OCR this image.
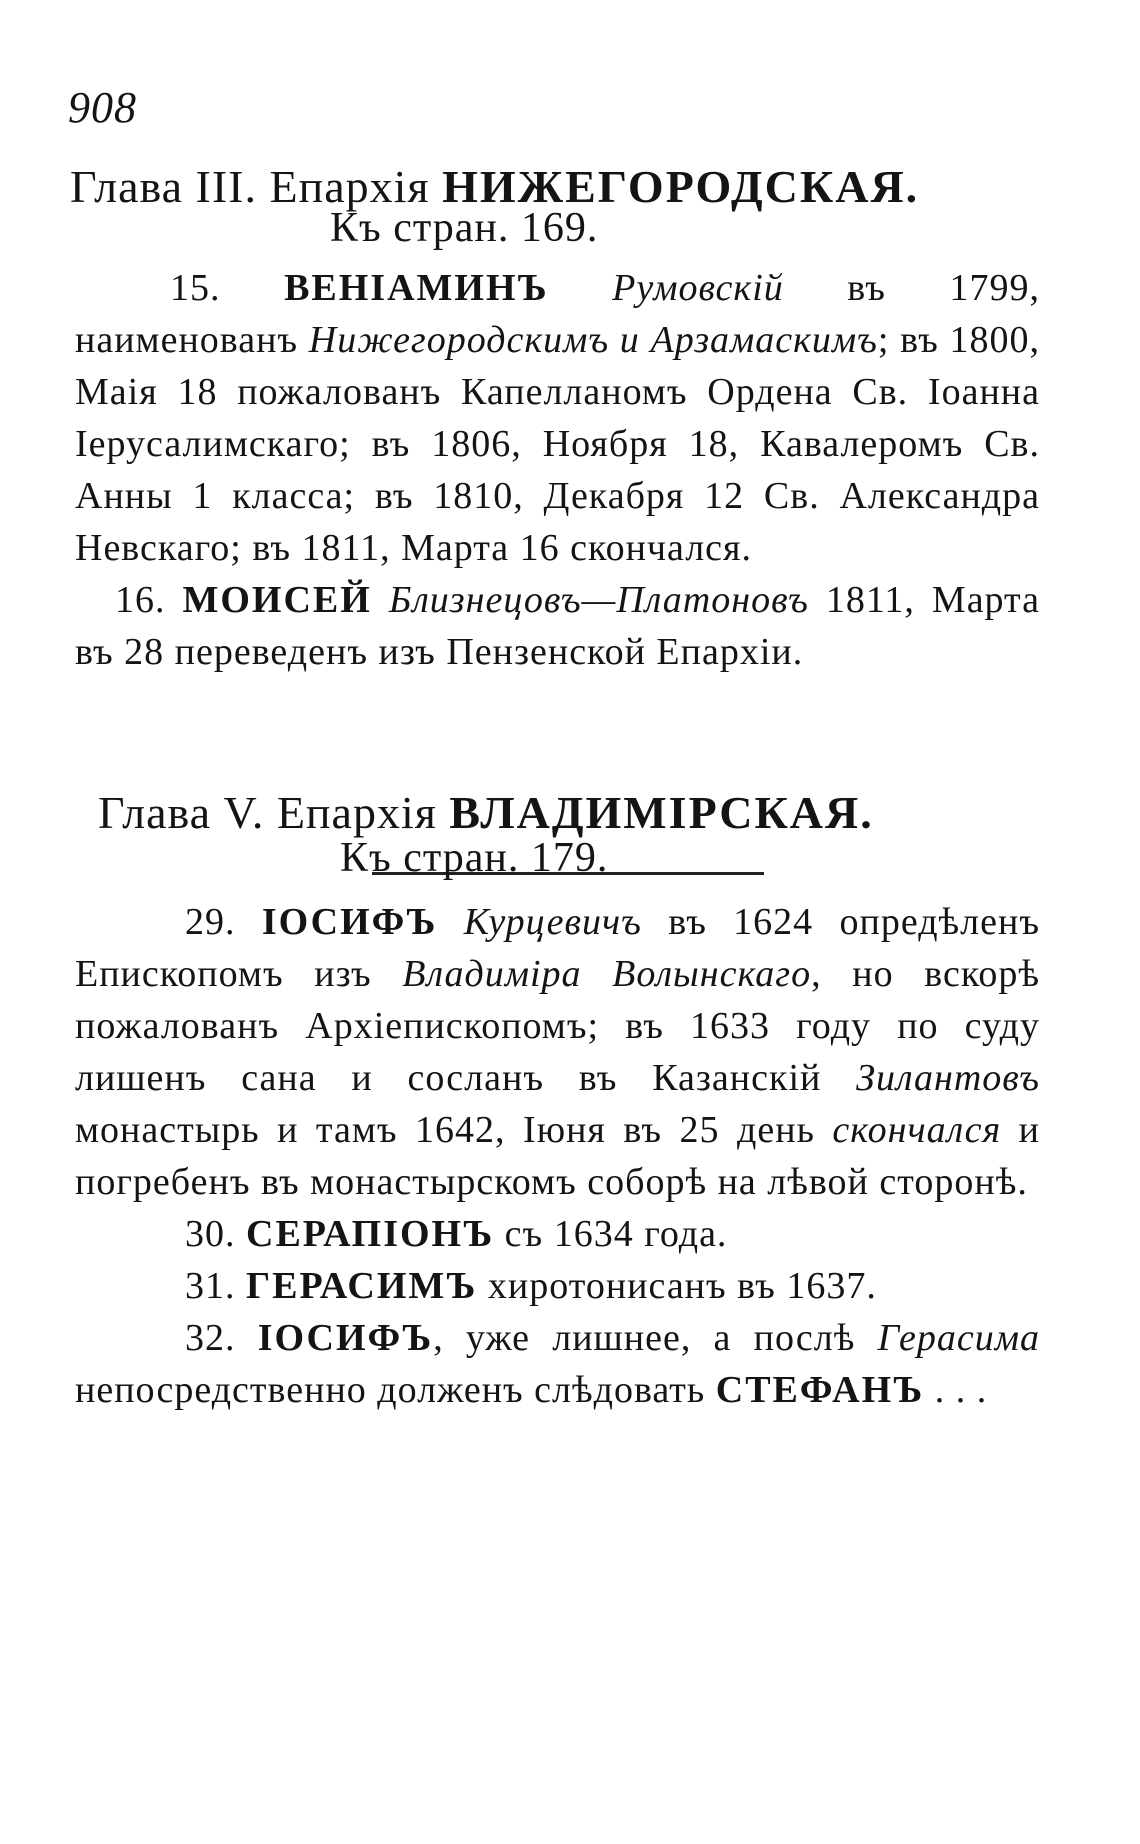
908
Глава III. Епархія НИЖЕГОРОДСКАЯ.
Къ стран. 169.

15. ВЕНІАМИНЪ Румовскій въ 1799, наименованъ Нижегородскимъ и Арзамаскимъ; въ 1800, Мaія 18 пожалованъ Капелланомъ Ордена Св. Іоанна Іерусалимскаго; въ 1806, Ноября 18, Кавалеромъ Св. Анны 1 класса; въ 1810, Декабря 12 Св. Александра Невскаго; въ 1811, Марта 16 скончался.

16. МОИСЕЙ Близнецовъ—Платоновъ 1811, Марта въ 28 переведенъ изъ Пензенской Епархіи.

Глава V. Епархія ВЛАДИМІРСКАЯ.
Къ стран. 179.

29. ІОСИФЪ Курцевичъ въ 1624 опредѣленъ Епископомъ изъ Владиміра Волынскаго, но вскорѣ пожалованъ Архіепископомъ; въ 1633 году по суду лишенъ сана и сосланъ въ Казанскій Зилантовъ монастырь и тамъ 1642, Іюня въ 25 день скончался и погребенъ въ монастырскомъ соборѣ на лѣвой сторонѣ.

30. СЕРАПІОНЪ съ 1634 года.

31. ГЕРАСИМЪ хиротонисанъ въ 1637.

32. ІОСИФЪ, уже лишнее, а послѣ Герасима непосредственно долженъ слѣдовать СТЕФАНЪ . . .
